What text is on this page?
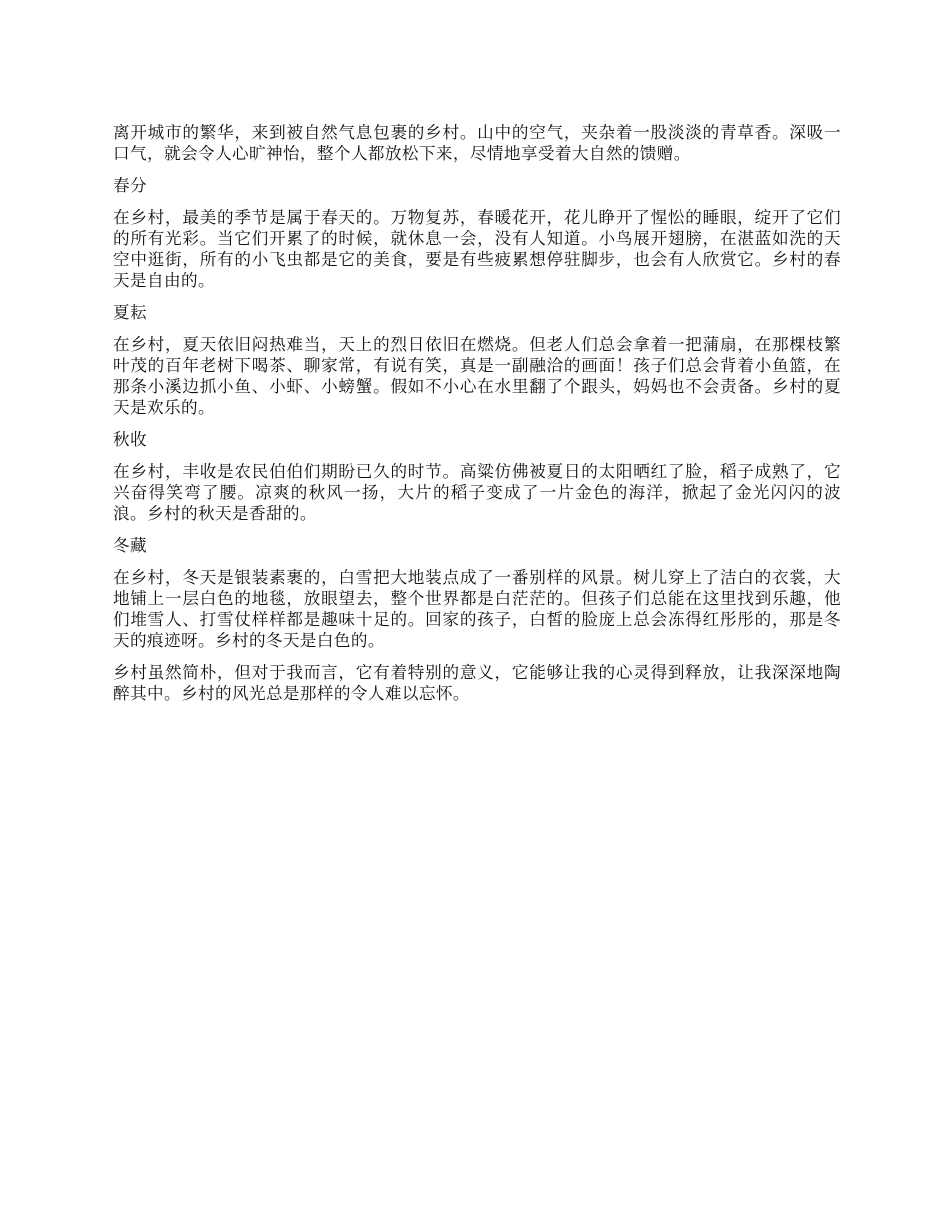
离开城市的繁华，来到被自然气息包裹的乡村。山中的空气，夹杂着一股淡淡的青草香。深吸一口气，就会令人心旷神怡，整个人都放松下来，尽情地享受着大自然的馈赠。

春分

在乡村，最美的季节是属于春天的。万物复苏，春暖花开，花儿睁开了惺忪的睡眼，绽开了它们的所有光彩。当它们开累了的时候，就休息一会，没有人知道。小鸟展开翅膀，在湛蓝如洗的天空中逛街，所有的小飞虫都是它的美食，要是有些疲累想停驻脚步，也会有人欣赏它。乡村的春天是自由的。

夏耘

在乡村，夏天依旧闷热难当，天上的烈日依旧在燃烧。但老人们总会拿着一把蒲扇，在那棵枝繁叶茂的百年老树下喝茶、聊家常，有说有笑，真是一副融洽的画面！孩子们总会背着小鱼篮，在那条小溪边抓小鱼、小虾、小螃蟹。假如不小心在水里翻了个跟头，妈妈也不会责备。乡村的夏天是欢乐的。

秋收

在乡村，丰收是农民伯伯们期盼已久的时节。高粱仿佛被夏日的太阳晒红了脸，稻子成熟了，它兴奋得笑弯了腰。凉爽的秋风一扬，大片的稻子变成了一片金色的海洋，掀起了金光闪闪的波浪。乡村的秋天是香甜的。

冬藏

在乡村，冬天是银装素裹的，白雪把大地装点成了一番别样的风景。树儿穿上了洁白的衣裳，大地铺上一层白色的地毯，放眼望去，整个世界都是白茫茫的。但孩子们总能在这里找到乐趣，他们堆雪人、打雪仗样样都是趣味十足的。回家的孩子，白皙的脸庞上总会冻得红彤彤的，那是冬天的痕迹呀。乡村的冬天是白色的。

乡村虽然简朴，但对于我而言，它有着特别的意义，它能够让我的心灵得到释放，让我深深地陶醉其中。乡村的风光总是那样的令人难以忘怀。
